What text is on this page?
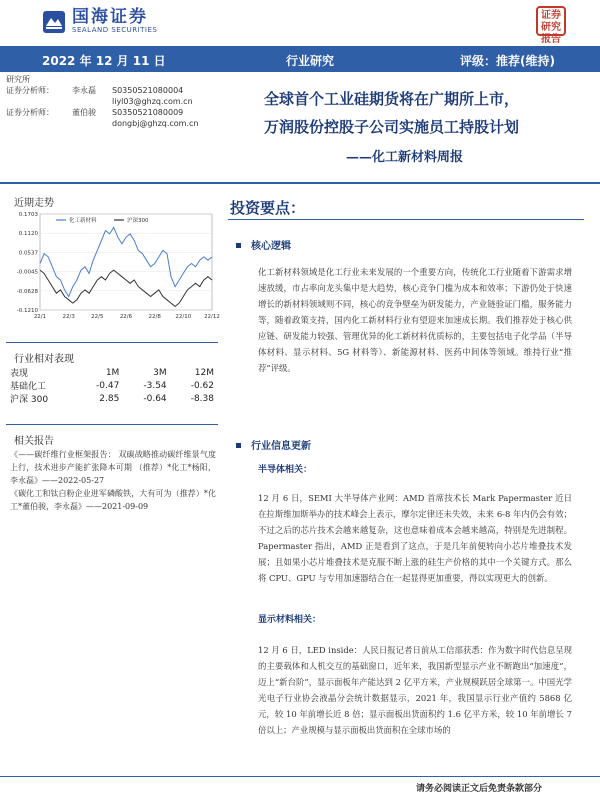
国海证券
SEALAND SECURITIES
证券研究报告
2022 年 12 月 11 日	行业研究	评级：推荐(维持)
研究所
证券分析师： 李永磊 S0350521080004
liyl03@ghzq.com.cn
证券分析师： 董伯骏 S0350521080009
dongbj@ghzq.com.cn
全球首个工业硅期货将在广期所上市，
万润股份控股子公司实施员工持股计划
——化工新材料周报
近期走势
0.1703
0.1120
0.0537
-0.0045
-0.0628
-0.1210
22/1	22/3	22/5	22/6	22/8	22/10 22/12
化工新材料	沪深300
行业相对表现
表现	1M	3M	12M
基础化工	-0.47	-3.54	-0.62
沪深 300	2.85	-0.64	-8.38
相关报告

《——碳纤维行业框架报告： 双碳战略推动碳纤维景气度上行，技术进步产能扩张降本可期 （推荐）*化工*杨阳，李永磊》——2022-05-27

《碳化工和钛白粉企业进军磷酸铁，大有可为（推荐）*化工*董伯骏，李永磊》——2021-09-09

投资要点：
核心逻辑
化工新材料领域是化工行业未来发展的一个重要方向，传统化工行业随着下游需求增速放缓，市占率向龙头集中是大趋势，核心竞争门槛为成本和效率；下游仍处于快速增长的新材料领域则不同，核心的竞争壁垒为研发能力，产业链验证门槛，服务能力等，随着政策支持，国内化工新材料行业有望迎来加速成长期。我们推荐处于核心供应链、研发能力较强、管理优异的化工新材料优质标的，主要包括电子化学品（半导体材料、显示材料、5G 材料等）、新能源材料、医药中间体等领域。维持行业“推荐”评级。
行业信息更新
半导体相关：
12 月 6 日，SEMI 大半导体产业网：AMD 首席技术长 Mark Papermaster 近日在拉斯维加斯举办的技术峰会上表示，摩尔定律还未失效，未来 6-8 年内仍会有效；不过之后的芯片技术会越来越复杂，这也意味着成本会越来越高，特别是先进制程。Papermaster 指出，AMD 正是看到了这点，于是几年前便转向小芯片堆叠技术发展；且如果小芯片堆叠技术是克服不断上涨的硅生产价格的其中一个关键方式。那么将 CPU、GPU 与专用加速器结合在一起显得更加重要，得以实现更大的创新。
显示材料相关：
12 月 6 日，LED inside：人民日报记者日前从工信部获悉：作为数字时代信息呈现的主要载体和人机交互的基础窗口，近年来，我国新型显示产业不断跑出“加速度”，迈上“新台阶”，显示面板年产能达到 2 亿平方米，产业规模跃居全球第一。中国光学光电子行业协会液晶分会统计数据显示，2021 年，我国显示行业产值约 5868 亿元，较 10 年前增长近 8 倍；显示面板出货面积约 1.6 亿平方米，较 10 年前增长 7 倍以上；产业规模与显示面板出货面积在全球市场的
请务必阅读正文后免责条款部分
